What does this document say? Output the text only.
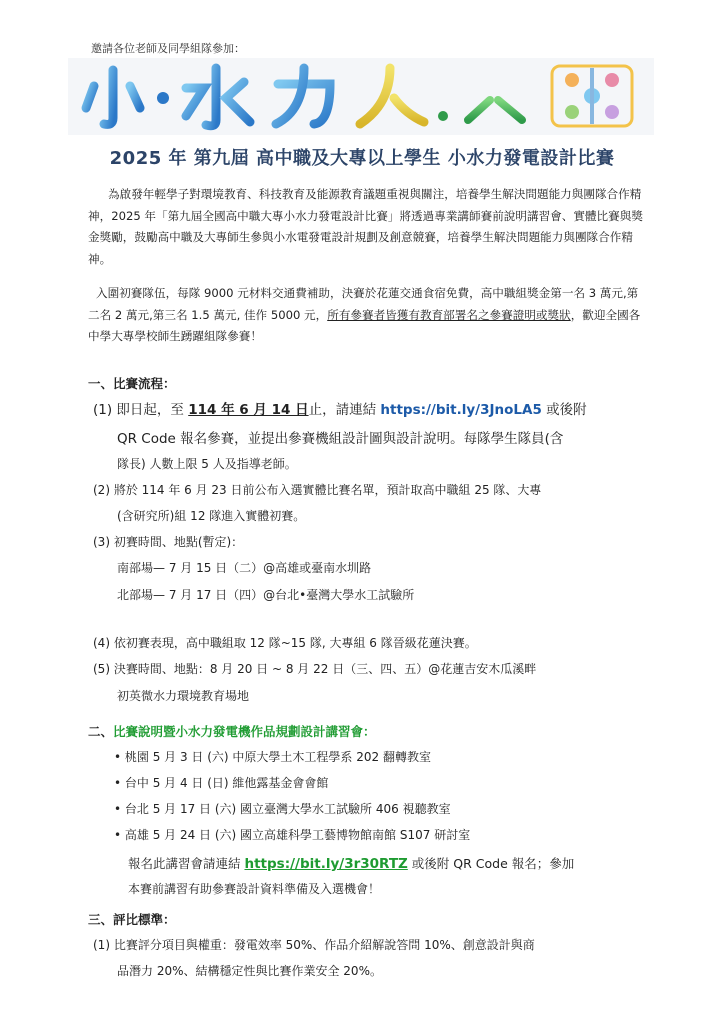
邀請各位老師及同學組隊參加：
2025 年 第九屆 高中職及大專以上學生 小水力發電設計比賽
為啟發年輕學子對環境教育、科技教育及能源教育議題重視與關注，培養學生解決問題能力與團隊合作精神，2025 年「第九屆全國高中職大專小水力發電設計比賽」將透過專業講師賽前說明講習會、實體比賽與獎金獎勵，鼓勵高中職及大專師生參與小水電發電設計規劃及創意競賽，培養學生解決問題能力與團隊合作精神。
入圍初賽隊伍，每隊 9000 元材料交通費補助，決賽於花蓮交通食宿免費，高中職組獎金第一名 3 萬元,第二名 2 萬元,第三名 1.5 萬元, 佳作 5000 元，所有參賽者皆獲有教育部署名之參賽證明或獎狀，歡迎全國各中學大專學校師生踴躍組隊參賽！
一、比賽流程：
(1) 即日起，至 114 年 6 月 14 日止，請連結 https://bit.ly/3JnoLA5 或後附
QR Code 報名參賽，並提出參賽機組設計圖與設計說明。每隊學生隊員(含
隊長) 人數上限 5 人及指導老師。
(2) 將於 114 年 6 月 23 日前公布入選實體比賽名單，預計取高中職組 25 隊、大專
(含研究所)組 12 隊進入實體初賽。
(3) 初賽時間、地點(暫定)：
南部場— 7 月 15 日（二）@高雄或臺南水圳路
北部場— 7 月 17 日（四）@台北•臺灣大學水工試驗所
(4) 依初賽表現，高中職組取 12 隊~15 隊, 大專組 6 隊晉級花蓮決賽。
(5) 決賽時間、地點：8 月 20 日 ~ 8 月 22 日（三、四、五）@花蓮吉安木瓜溪畔
初英微水力環境教育場地
二、比賽說明暨小水力發電機作品規劃設計講習會：
• 桃園 5 月 3 日 (六) 中原大學土木工程學系 202 翻轉教室
• 台中 5 月 4 日 (日) 維他露基金會會館
• 台北 5 月 17 日 (六) 國立臺灣大學水工試驗所 406 視聽教室
• 高雄 5 月 24 日 (六) 國立高雄科學工藝博物館南館 S107 研討室
報名此講習會請連結 https://bit.ly/3r30RTZ 或後附 QR Code 報名；參加
本賽前講習有助參賽設計資料準備及入選機會！
三、評比標準：
(1) 比賽評分項目與權重：發電效率 50%、作品介紹解說答問 10%、創意設計與商
品潛力 20%、結構穩定性與比賽作業安全 20%。
